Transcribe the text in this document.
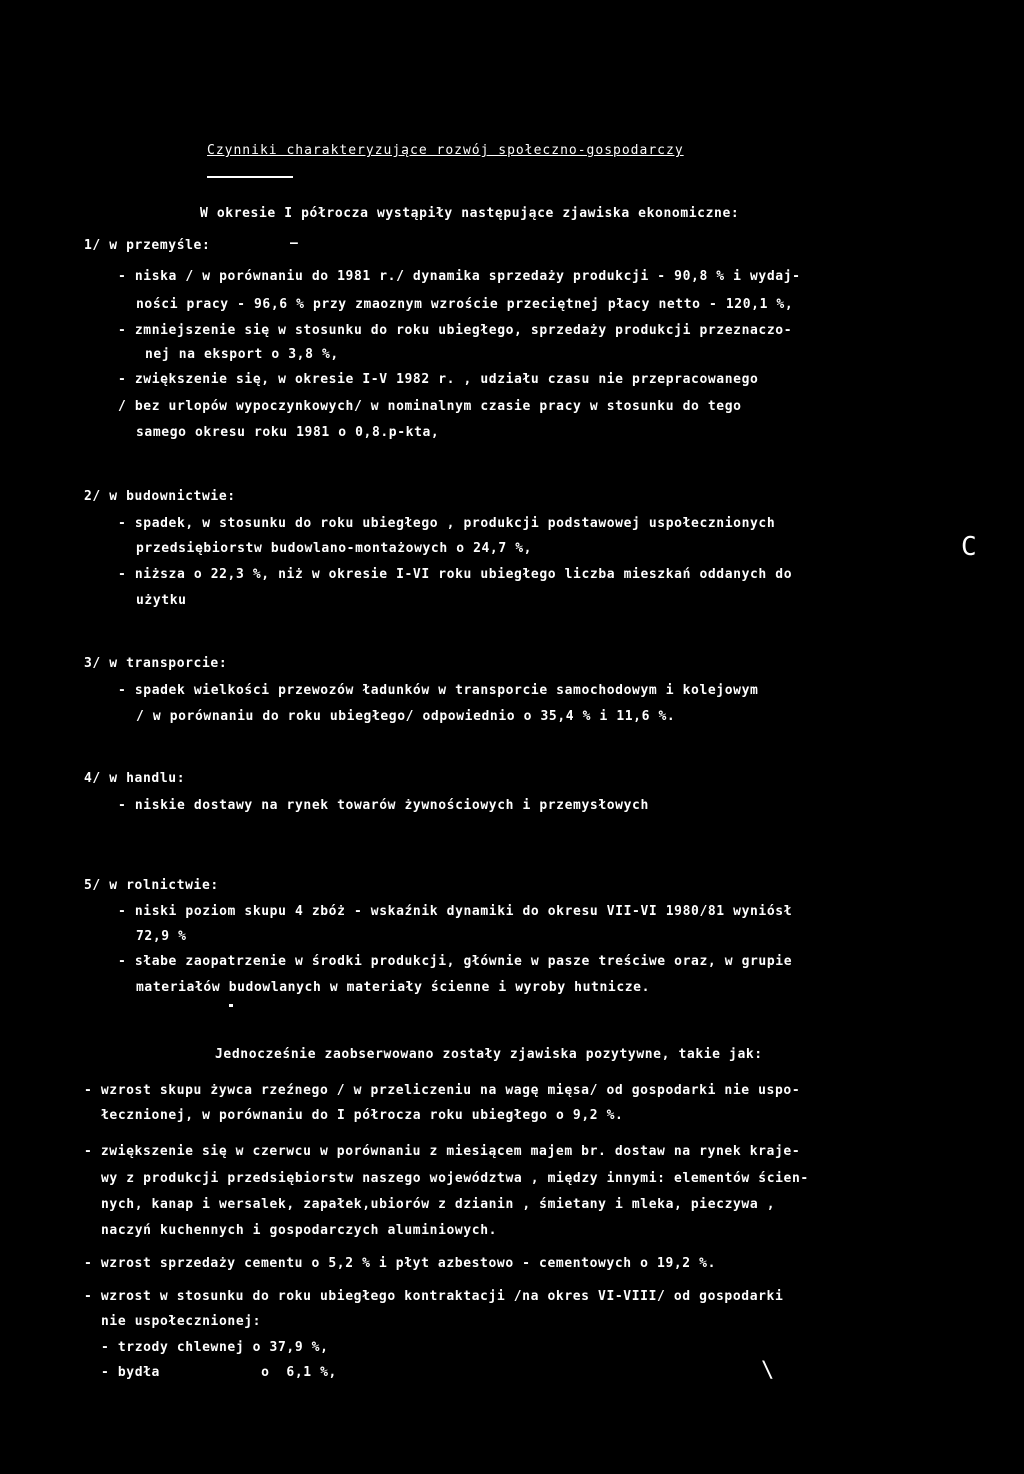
Czynniki charakteryzujące rozwój społeczno-gospodarczy
W okresie I półrocza wystąpiły następujące zjawiska ekonomiczne:
1/ w przemyśle:	—
- niska / w porównaniu do 1981 r./ dynamika sprzedaży produkcji - 90,8 % i wydaj-
ności pracy - 96,6 % przy zmaoznym wzroście przeciętnej płacy netto - 120,1 %,
- zmniejszenie się w stosunku do roku ubiegłego, sprzedaży produkcji przeznaczo-
nej na eksport o 3,8 %,
- zwiększenie się, w okresie I-V 1982 r. , udziału czasu nie przepracowanego
/ bez urlopów wypoczynkowych/ w nominalnym czasie pracy w stosunku do tego
samego okresu roku 1981 o 0,8.p-kta,
2/ w budownictwie:
- spadek, w stosunku do roku ubiegłego , produkcji podstawowej uspołecznionych
przedsiębiorstw budowlano-montażowych o 24,7 %,
- niższa o 22,3 %, niż w okresie I-VI roku ubiegłego liczba mieszkań oddanych do
użytku
C
3/ w transporcie:
- spadek wielkości przewozów ładunków w transporcie samochodowym i kolejowym
/ w porównaniu do roku ubiegłego/ odpowiednio o 35,4 % i 11,6 %.
4/ w handlu:
- niskie dostawy na rynek towarów żywnościowych i przemysłowych
5/ w rolnictwie:
- niski poziom skupu 4 zbóż - wskaźnik dynamiki do okresu VII-VI 1980/81 wyniósł
72,9 %
- słabe zaopatrzenie w środki produkcji, głównie w pasze treściwe oraz, w grupie
materiałów budowlanych w materiały ścienne i wyroby hutnicze.
Jednocześnie zaobserwowano zostały zjawiska pozytywne, takie jak:
- wzrost skupu żywca rzeźnego / w przeliczeniu na wagę mięsa/ od gospodarki nie uspo-
łecznionej, w porównaniu do I półrocza roku ubiegłego o 9,2 %.
- zwiększenie się w czerwcu w porównaniu z miesiącem majem br. dostaw na rynek kraje-
wy z produkcji przedsiębiorstw naszego województwa , między innymi: elementów ścien-
nych, kanap i wersalek, zapałek,ubiorów z dzianin , śmietany i mleka, pieczywa ,
naczyń kuchennych i gospodarczych aluminiowych.
- wzrost sprzedaży cementu o 5,2 % i płyt azbestowo - cementowych o 19,2 %.
- wzrost w stosunku do roku ubiegłego kontraktacji /na okres VI-VIII/ od gospodarki
nie uspołecznionej:
- trzody chlewnej o 37,9 %,
- bydła            o  6,1 %,	\
